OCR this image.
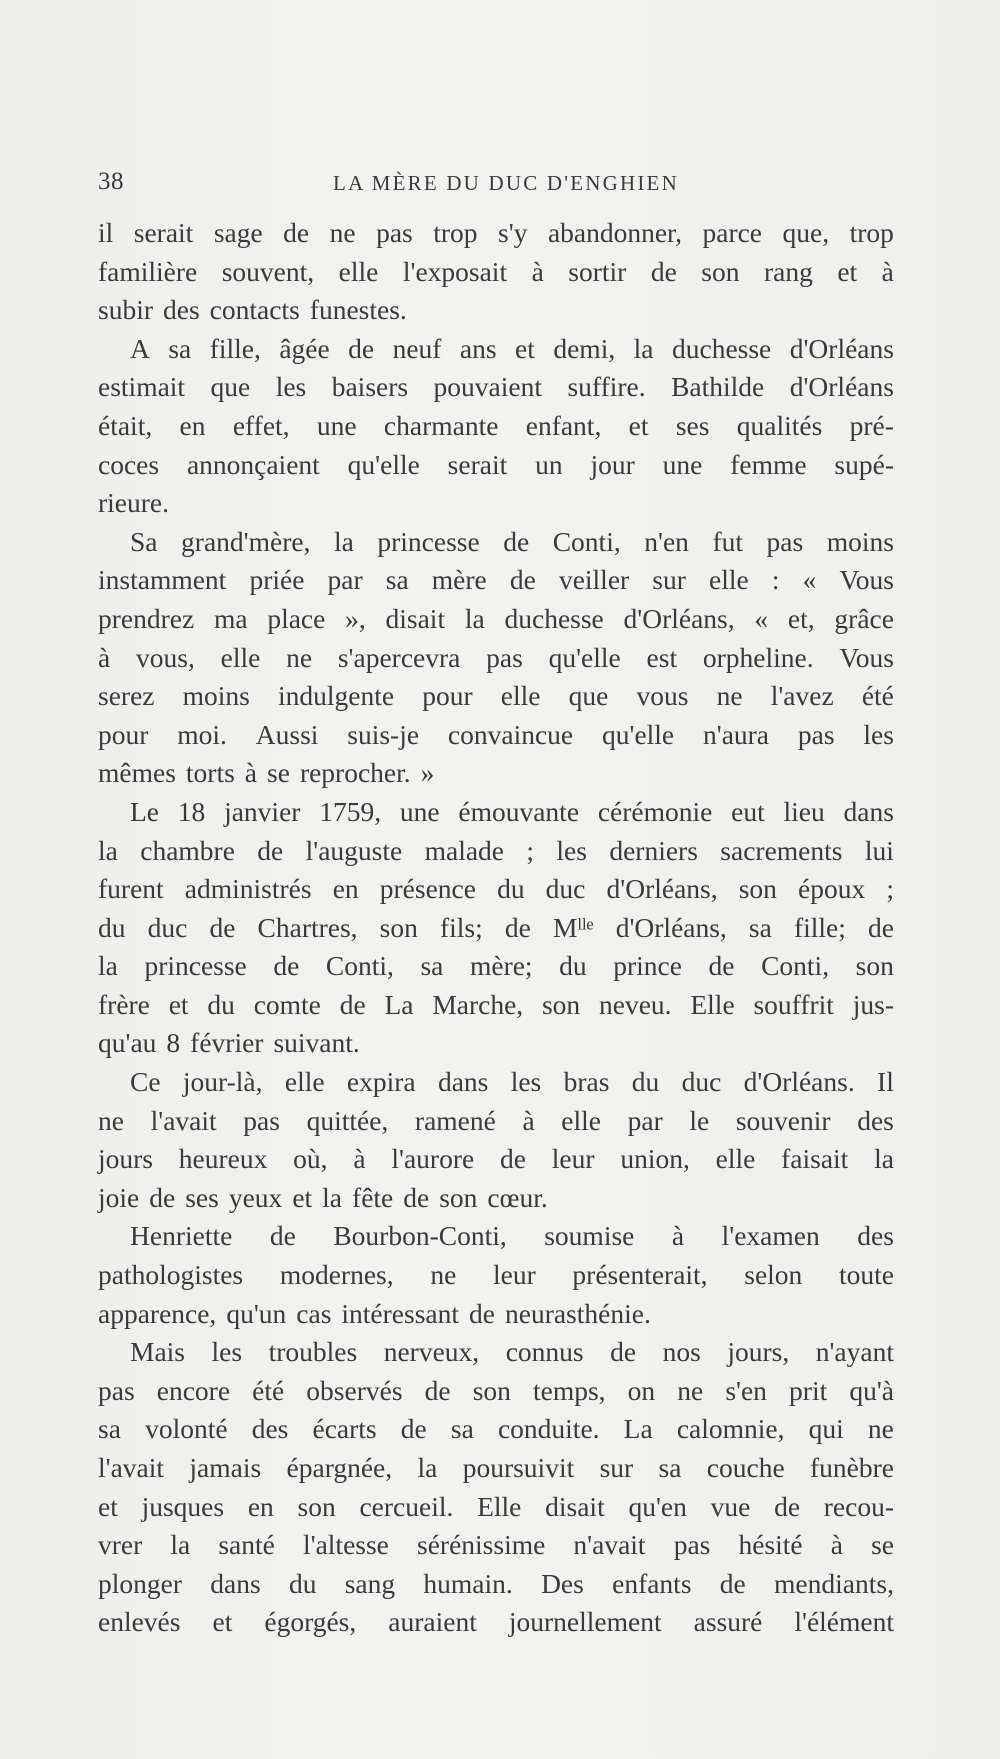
38	LA MÈRE DU DUC D'ENGHIEN
il serait sage de ne pas trop s'y abandonner, parce que, trop
familière souvent, elle l'exposait à sortir de son rang et à
subir des contacts funestes.
A sa fille, âgée de neuf ans et demi, la duchesse d'Orléans
estimait que les baisers pouvaient suffire. Bathilde d'Orléans
était, en effet, une charmante enfant, et ses qualités pré-
coces annonçaient qu'elle serait un jour une femme supé-
rieure.
Sa grand'mère, la princesse de Conti, n'en fut pas moins
instamment priée par sa mère de veiller sur elle : « Vous
prendrez ma place », disait la duchesse d'Orléans, « et, grâce
à vous, elle ne s'apercevra pas qu'elle est orpheline. Vous
serez moins indulgente pour elle que vous ne l'avez été
pour moi. Aussi suis-je convaincue qu'elle n'aura pas les
mêmes torts à se reprocher. »
Le 18 janvier 1759, une émouvante cérémonie eut lieu dans
la chambre de l'auguste malade ; les derniers sacrements lui
furent administrés en présence du duc d'Orléans, son époux ;
du duc de Chartres, son fils; de Mˡˡᵉ d'Orléans, sa fille; de
la princesse de Conti, sa mère; du prince de Conti, son
frère et du comte de La Marche, son neveu. Elle souffrit jus-
qu'au 8 février suivant.
Ce jour-là, elle expira dans les bras du duc d'Orléans. Il
ne l'avait pas quittée, ramené à elle par le souvenir des
jours heureux où, à l'aurore de leur union, elle faisait la
joie de ses yeux et la fête de son cœur.
Henriette de Bourbon-Conti, soumise à l'examen des
pathologistes modernes, ne leur présenterait, selon toute
apparence, qu'un cas intéressant de neurasthénie.
Mais les troubles nerveux, connus de nos jours, n'ayant
pas encore été observés de son temps, on ne s'en prit qu'à
sa volonté des écarts de sa conduite. La calomnie, qui ne
l'avait jamais épargnée, la poursuivit sur sa couche funèbre
et jusques en son cercueil. Elle disait qu'en vue de recou-
vrer la santé l'altesse sérénissime n'avait pas hésité à se
plonger dans du sang humain. Des enfants de mendiants,
enlevés et égorgés, auraient journellement assuré l'élément
